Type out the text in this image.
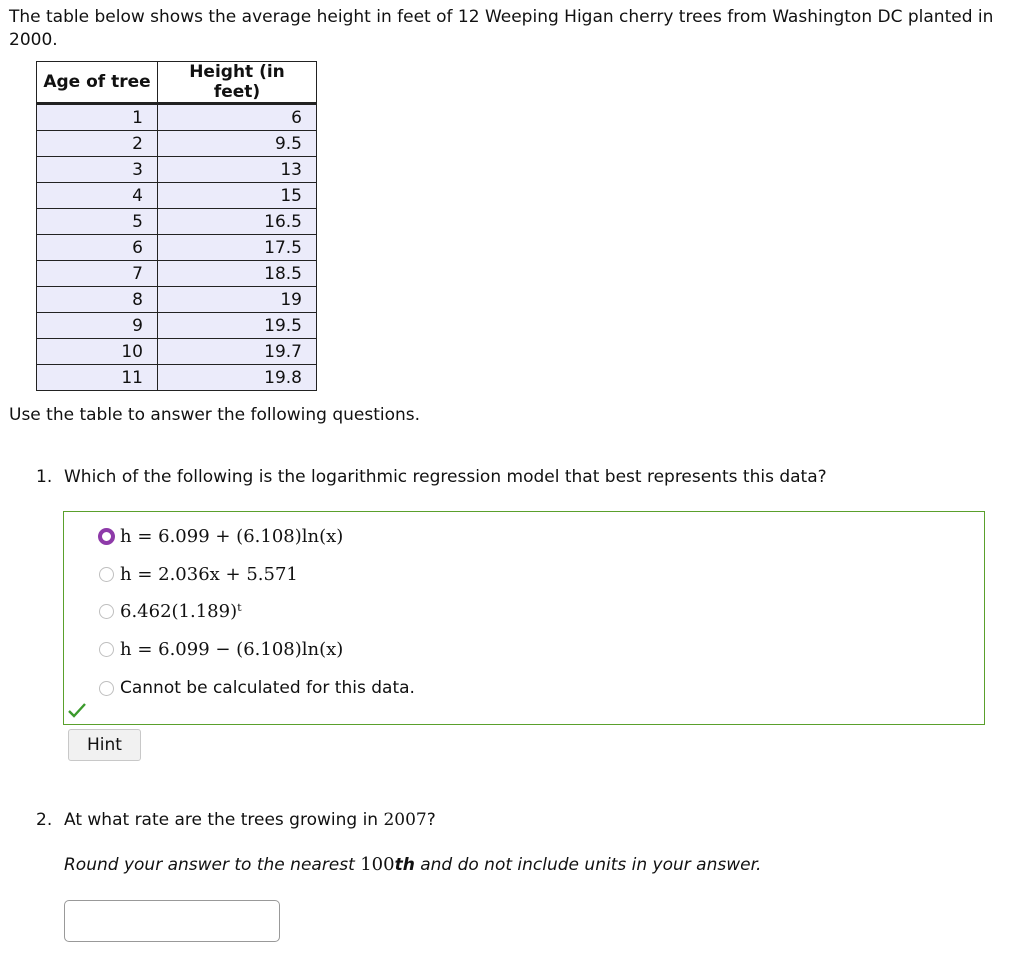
The table below shows the average height in feet of 12 Weeping Higan cherry trees from Washington DC planted in 2000.
Age of tree	Height (in feet)
1	6
2	9.5
3	13
4	15
5	16.5
6	17.5
7	18.5
8	19
9	19.5
10	19.7
11	19.8
Use the table to answer the following questions.
1. Which of the following is the logarithmic regression model that best represents this data?
h = 6.099 + (6.108)ln(x)
h = 2.036x + 5.571
6.462(1.189)ᵗ
h = 6.099 − (6.108)ln(x)
Cannot be calculated for this data.
Hint
2. At what rate are the trees growing in 2007?
Round your answer to the nearest 100th and do not include units in your answer.
